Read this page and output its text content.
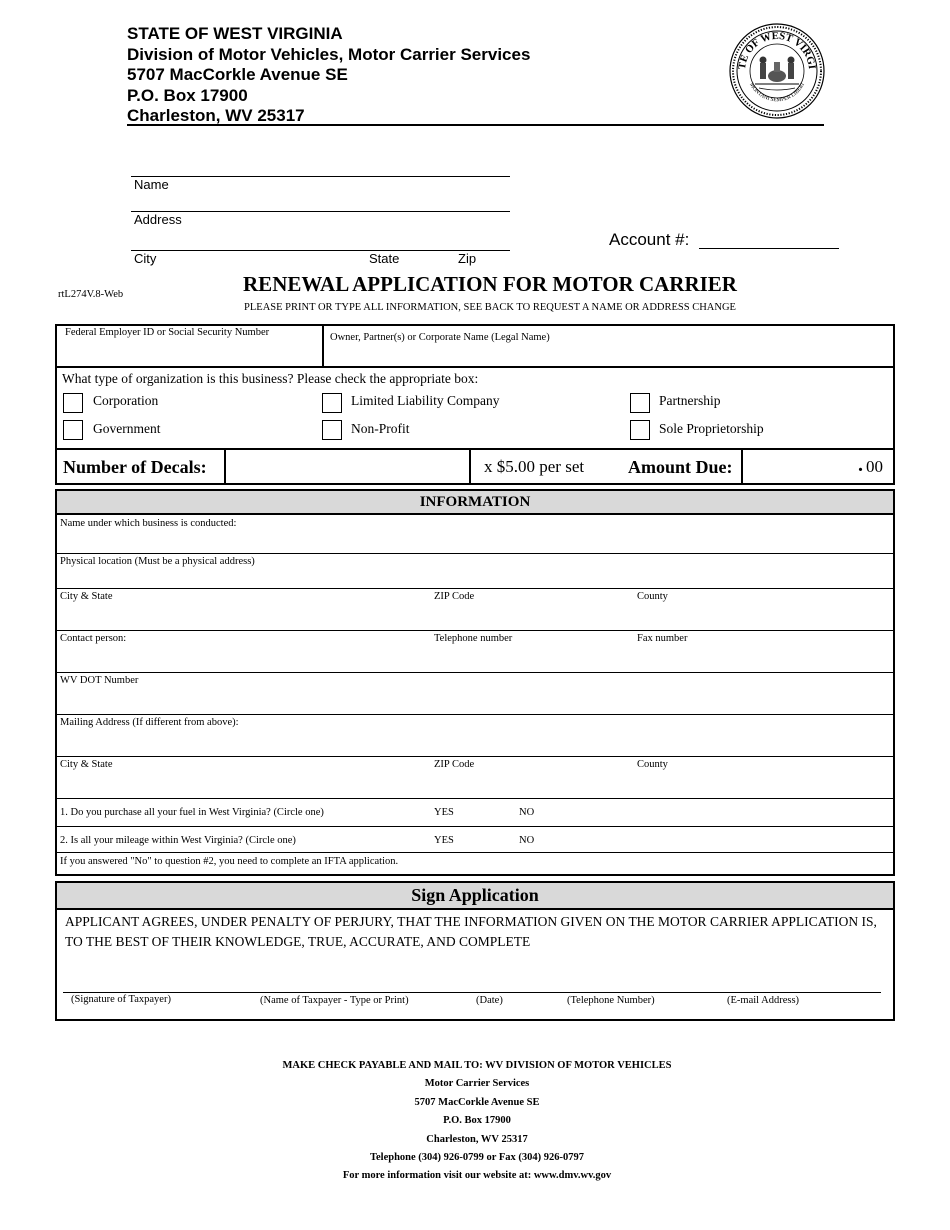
STATE OF WEST VIRGINIA
Division of Motor Vehicles, Motor Carrier Services
5707 MacCorkle Avenue SE
P.O. Box 17900
Charleston, WV 25317
TE OF WEST VIRGI
MONTANI SEMPER LIBERI
Name
Address
City	State	Zip
Account #:
rtL274V.8-Web	RENEWAL APPLICATION FOR MOTOR CARRIER
PLEASE PRINT OR TYPE ALL INFORMATION, SEE BACK TO REQUEST A NAME OR ADDRESS CHANGE
Federal Employer ID or Social Security Number	Owner, Partner(s) or Corporate Name (Legal Name)
What type of organization is this business? Please check the appropriate box:
Corporation	Limited Liability Company	Partnership
Government	Non-Profit	Sole Proprietorship
Number of Decals:	x $5.00 per set Amount Due:	. 00
INFORMATION
Name under which business is conducted:
Physical location (Must be a physical address)
City & State	ZIP Code	County
Contact person:	Telephone number	Fax number
WV DOT Number
Mailing Address (If different from above):
City & State	ZIP Code	County
1. Do you purchase all your fuel in West Virginia? (Circle one)	YES	NO
2. Is all your mileage within West Virginia? (Circle one)	YES	NO
If you answered "No" to question #2, you need to complete an IFTA application.
Sign Application
APPLICANT AGREES, UNDER PENALTY OF PERJURY, THAT THE INFORMATION GIVEN ON THE MOTOR CARRIER APPLICATION IS, TO THE BEST OF THEIR KNOWLEDGE, TRUE, ACCURATE, AND COMPLETE
(Signature of Taxpayer)	(Name of Taxpayer - Type or Print)	(Date)	(Telephone Number)	(E-mail Address)
MAKE CHECK PAYABLE AND MAIL TO: WV DIVISION OF MOTOR VEHICLES
Motor Carrier Services
5707 MacCorkle Avenue SE
P.O. Box 17900
Charleston, WV 25317
Telephone (304) 926-0799 or Fax (304) 926-0797
For more information visit our website at: www.dmv.wv.gov
